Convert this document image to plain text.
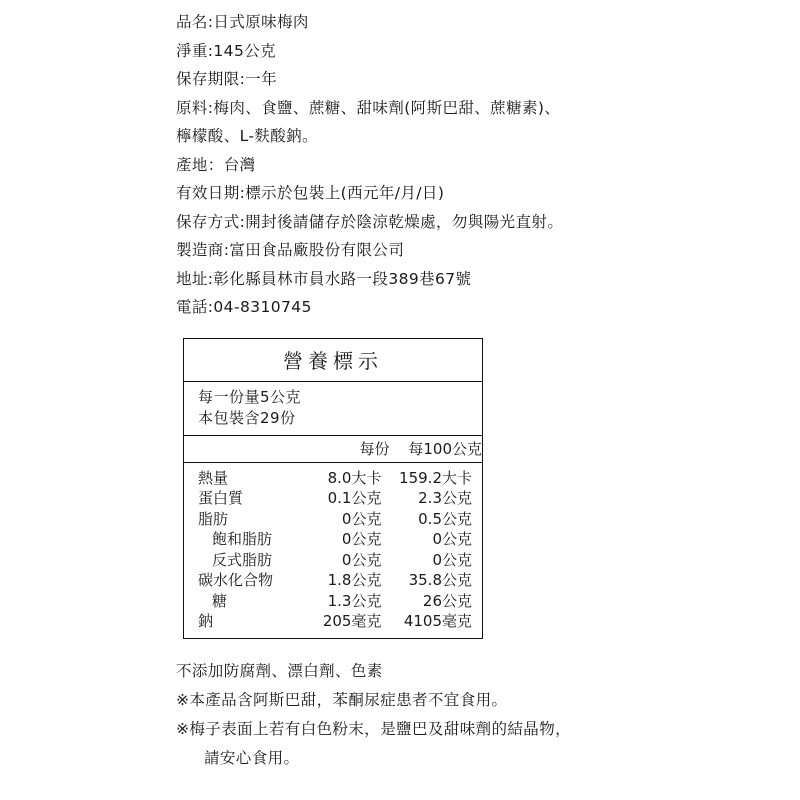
品名:日式原味梅肉
淨重:145公克
保存期限:一年
原料:梅肉、食鹽、蔗糖、甜味劑(阿斯巴甜、蔗糖素)、
檸檬酸、L-麩酸鈉。
產地：台灣
有效日期:標示於包裝上(西元年/月/日)
保存方式:開封後請儲存於陰涼乾燥處，勿與陽光直射。
製造商:富田食品廠股份有限公司
地址:彰化縣員林市員水路一段389巷67號
電話:04-8310745
營養標示		
每一份量5公克
本包裝含29份		
	每份	每100公克
熱量	8.0大卡	159.2大卡
蛋白質	0.1公克	2.3公克
脂肪	0公克	0.5公克
飽和脂肪	0公克	0公克
反式脂肪	0公克	0公克
碳水化合物	1.8公克	35.8公克
糖	1.3公克	26公克
鈉	205毫克	4105毫克
不添加防腐劑、漂白劑、色素
※本產品含阿斯巴甜，苯酮尿症患者不宜食用。
※梅子表面上若有白色粉末，是鹽巴及甜味劑的結晶物，
請安心食用。
